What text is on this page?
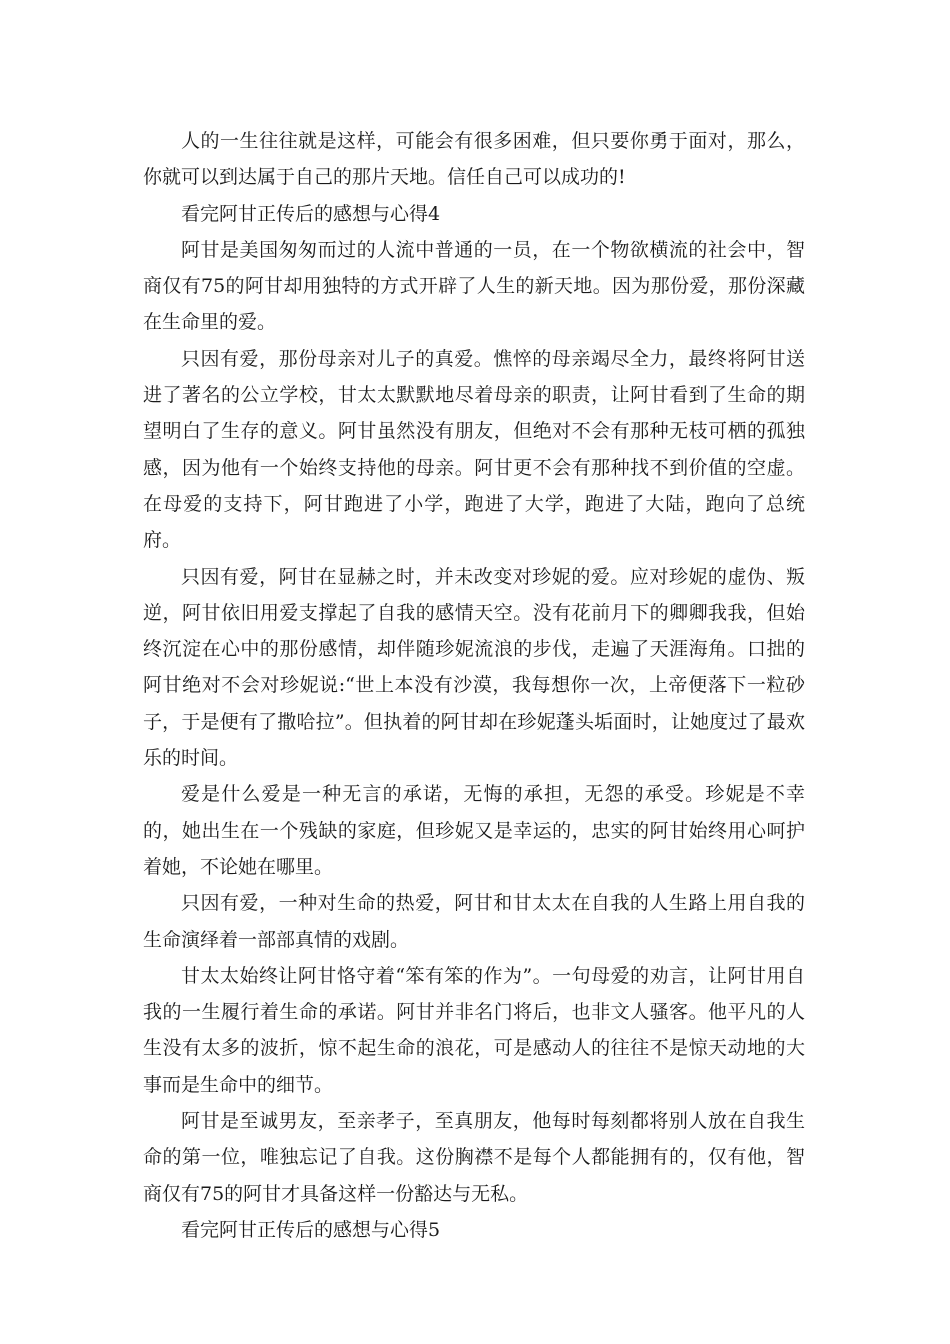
人的一生往往就是这样，可能会有很多困难，但只要你勇于面对，那么，你就可以到达属于自己的那片天地。信任自己可以成功的!

看完阿甘正传后的感想与心得4

阿甘是美国匆匆而过的人流中普通的一员，在一个物欲横流的社会中，智商仅有75的阿甘却用独特的方式开辟了人生的新天地。因为那份爱，那份深藏在生命里的爱。

只因有爱，那份母亲对儿子的真爱。憔悴的母亲竭尽全力，最终将阿甘送进了著名的公立学校，甘太太默默地尽着母亲的职责，让阿甘看到了生命的期望明白了生存的意义。阿甘虽然没有朋友，但绝对不会有那种无枝可栖的孤独感，因为他有一个始终支持他的母亲。阿甘更不会有那种找不到价值的空虚。在母爱的支持下，阿甘跑进了小学，跑进了大学，跑进了大陆，跑向了总统府。

只因有爱，阿甘在显赫之时，并未改变对珍妮的爱。应对珍妮的虚伪、叛逆，阿甘依旧用爱支撑起了自我的感情天空。没有花前月下的卿卿我我，但始终沉淀在心中的那份感情，却伴随珍妮流浪的步伐，走遍了天涯海角。口拙的阿甘绝对不会对珍妮说:“世上本没有沙漠，我每想你一次，上帝便落下一粒砂子，于是便有了撒哈拉”。但执着的阿甘却在珍妮蓬头垢面时，让她度过了最欢乐的时间。

爱是什么爱是一种无言的承诺，无悔的承担，无怨的承受。珍妮是不幸的，她出生在一个残缺的家庭，但珍妮又是幸运的，忠实的阿甘始终用心呵护着她，不论她在哪里。

只因有爱，一种对生命的热爱，阿甘和甘太太在自我的人生路上用自我的生命演绎着一部部真情的戏剧。

甘太太始终让阿甘恪守着“笨有笨的作为”。一句母爱的劝言，让阿甘用自我的一生履行着生命的承诺。阿甘并非名门将后，也非文人骚客。他平凡的人生没有太多的波折，惊不起生命的浪花，可是感动人的往往不是惊天动地的大事而是生命中的细节。

阿甘是至诚男友，至亲孝子，至真朋友，他每时每刻都将别人放在自我生命的第一位，唯独忘记了自我。这份胸襟不是每个人都能拥有的，仅有他，智商仅有75的阿甘才具备这样一份豁达与无私。

看完阿甘正传后的感想与心得5
